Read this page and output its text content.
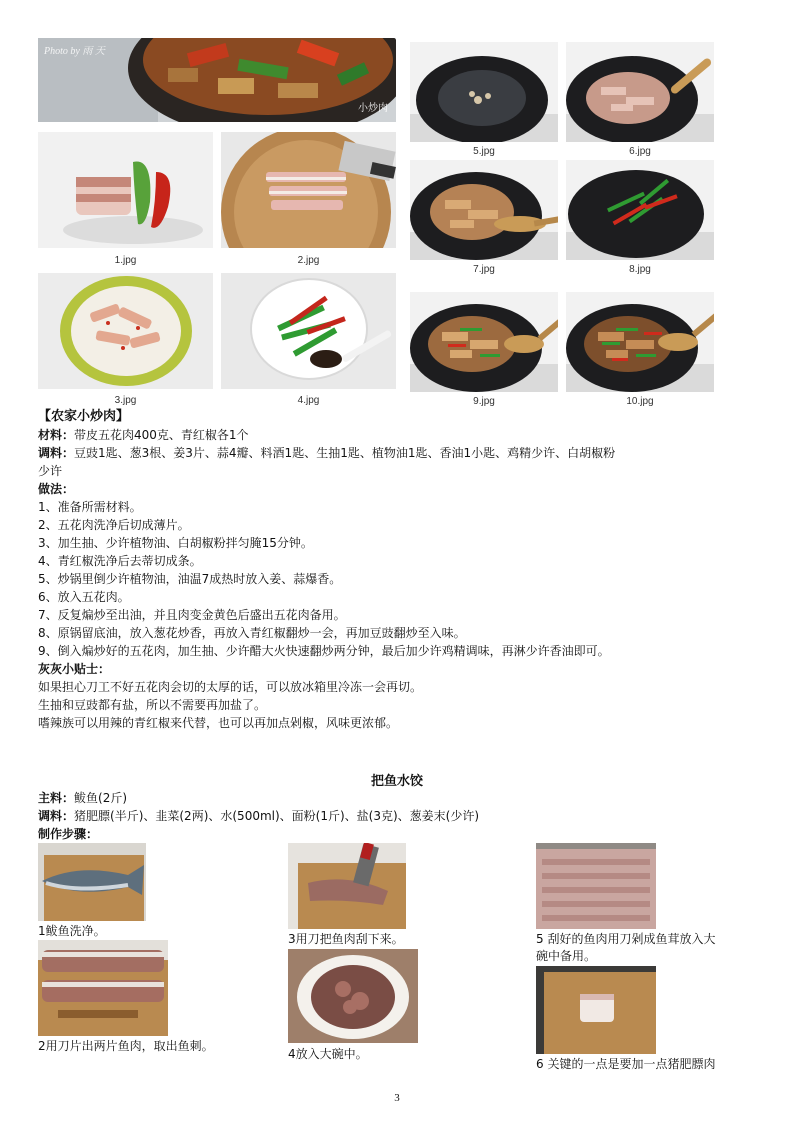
Photo by 雨 天
小炒肉
1.jpg	2.jpg
3.jpg	4.jpg
5.jpg	6.jpg
7.jpg	8.jpg
9.jpg	10.jpg
【农家小炒肉】
材料：带皮五花肉400克、青红椒各1个
调料：豆豉1匙、葱3根、姜3片、蒜4瓣、料酒1匙、生抽1匙、植物油1匙、香油1小匙、鸡精少许、白胡椒粉
少许
做法：
1、准备所需材料。
2、五花肉洗净后切成薄片。
3、加生抽、少许植物油、白胡椒粉拌匀腌15分钟。
4、青红椒洗净后去蒂切成条。
5、炒锅里倒少许植物油，油温7成热时放入姜、蒜爆香。
6、放入五花肉。
7、反复煸炒至出油，并且肉变金黄色后盛出五花肉备用。
8、原锅留底油，放入葱花炒香，再放入青红椒翻炒一会，再加豆豉翻炒至入味。
9、倒入煸炒好的五花肉，加生抽、少许醋大火快速翻炒两分钟，最后加少许鸡精调味，再淋少许香油即可。
灰灰小贴士：
如果担心刀工不好五花肉会切的太厚的话，可以放冰箱里冷冻一会再切。
生抽和豆豉都有盐，所以不需要再加盐了。
嗜辣族可以用辣的青红椒来代替，也可以再加点剁椒，风味更浓郁。
把鱼水饺
主料：鲅鱼(2斤)
调料：猪肥膘(半斤)、韭菜(2两)、水(500ml)、面粉(1斤)、盐(3克)、葱姜末(少许)
制作步骤：
1鲅鱼洗净。
2用刀片出两片鱼肉，取出鱼刺。
3用刀把鱼肉刮下来。
4放入大碗中。
5 刮好的鱼肉用刀剁成鱼茸放入大
碗中备用。
6 关键的一点是要加一点猪肥膘肉
3
